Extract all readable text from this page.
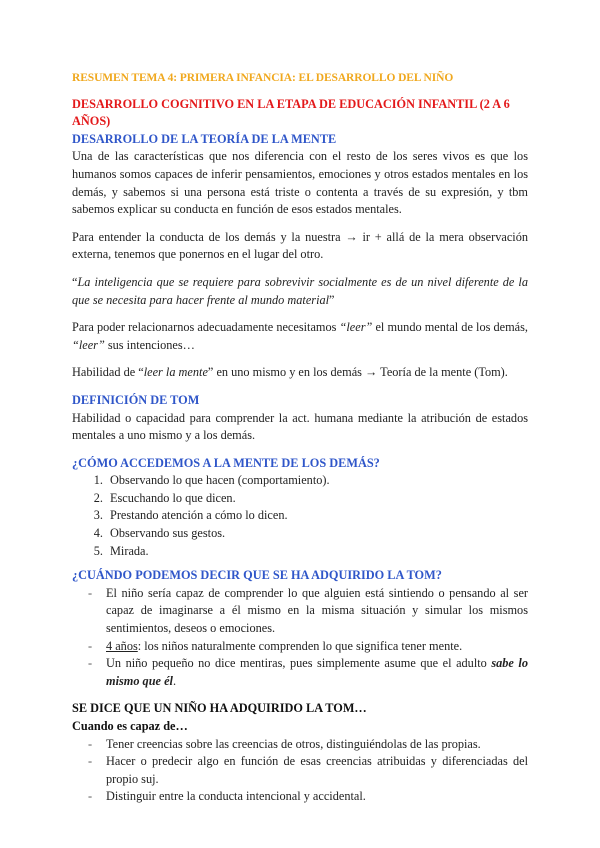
RESUMEN TEMA 4: PRIMERA INFANCIA: EL DESARROLLO DEL NIÑO
DESARROLLO COGNITIVO EN LA ETAPA DE EDUCACIÓN INFANTIL (2 A 6 AÑOS)
DESARROLLO DE LA TEORÍA DE LA MENTE

Una de las características que nos diferencia con el resto de los seres vivos es que los humanos somos capaces de inferir pensamientos, emociones y otros estados mentales en los demás, y sabemos si una persona está triste o contenta a través de su expresión, y tbm sabemos explicar su conducta en función de esos estados mentales.

Para entender la conducta de los demás y la nuestra → ir + allá de la mera observación externa, tenemos que ponernos en el lugar del otro.

“La inteligencia que se requiere para sobrevivir socialmente es de un nivel diferente de la que se necesita para hacer frente al mundo material”

Para poder relacionarnos adecuadamente necesitamos “leer” el mundo mental de los demás, “leer” sus intenciones…

Habilidad de “leer la mente” en uno mismo y en los demás → Teoría de la mente (Tom).

DEFINICIÓN DE TOM

Habilidad o capacidad para comprender la act. humana mediante la atribución de estados mentales a uno mismo y a los demás.

¿CÓMO ACCEDEMOS A LA MENTE DE LOS DEMÁS?
1. Observando lo que hacen (comportamiento).
2. Escuchando lo que dicen.
3. Prestando atención a cómo lo dicen.
4. Observando sus gestos.
5. Mirada.
¿CUÁNDO PODEMOS DECIR QUE SE HA ADQUIRIDO LA TOM?
- El niño sería capaz de comprender lo que alguien está sintiendo o pensando al ser capaz de imaginarse a él mismo en la misma situación y simular los mismos sentimientos, deseos o emociones.
- 4 años: los niños naturalmente comprenden lo que significa tener mente.
- Un niño pequeño no dice mentiras, pues simplemente asume que el adulto sabe lo mismo que él.
SE DICE QUE UN NIÑO HA ADQUIRIDO LA TOM…

Cuando es capaz de…

- Tener creencias sobre las creencias de otros, distinguiéndolas de las propias.
- Hacer o predecir algo en función de esas creencias atribuidas y diferenciadas del propio suj.
- Distinguir entre la conducta intencional y accidental.
